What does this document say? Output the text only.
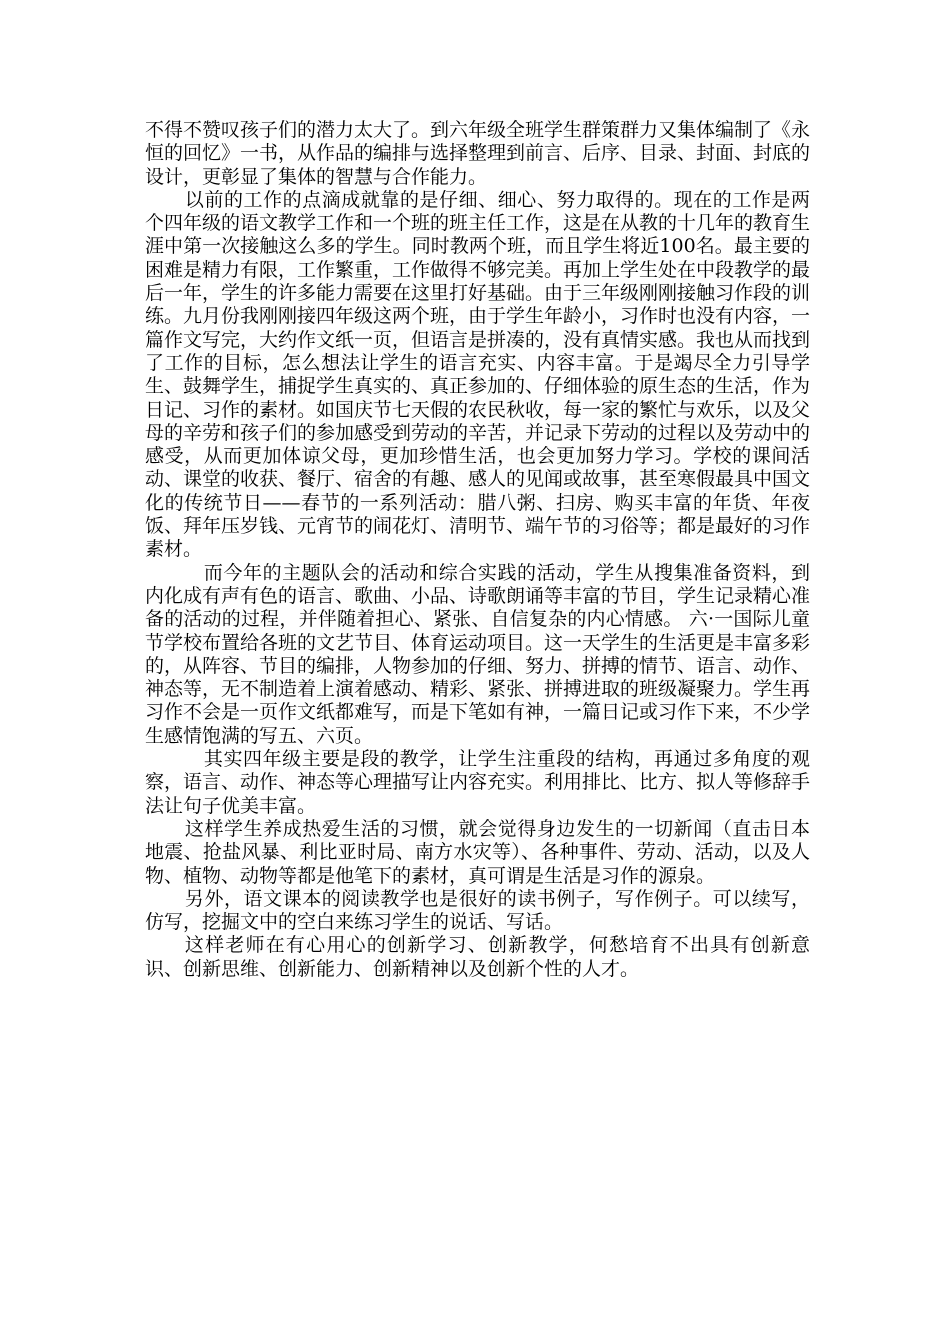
不得不赞叹孩子们的潜力太大了。到六年级全班学生群策群力又集体编制了《永恒的回忆》一书，从作品的编排与选择整理到前言、后序、目录、封面、封底的设计，更彰显了集体的智慧与合作能力。

以前的工作的点滴成就靠的是仔细、细心、努力取得的。现在的工作是两个四年级的语文教学工作和一个班的班主任工作，这是在从教的十几年的教育生涯中第一次接触这么多的学生。同时教两个班，而且学生将近100名。最主要的困难是精力有限，工作繁重，工作做得不够完美。再加上学生处在中段教学的最后一年，学生的许多能力需要在这里打好基础。由于三年级刚刚接触习作段的训练。九月份我刚刚接四年级这两个班，由于学生年龄小，习作时也没有内容，一篇作文写完，大约作文纸一页，但语言是拼凑的，没有真情实感。我也从而找到了工作的目标，怎么想法让学生的语言充实、内容丰富。于是竭尽全力引导学生、鼓舞学生，捕捉学生真实的、真正参加的、仔细体验的原生态的生活，作为日记、习作的素材。如国庆节七天假的农民秋收，每一家的繁忙与欢乐，以及父母的辛劳和孩子们的参加感受到劳动的辛苦，并记录下劳动的过程以及劳动中的感受，从而更加体谅父母，更加珍惜生活，也会更加努力学习。学校的课间活动、课堂的收获、餐厅、宿舍的有趣、感人的见闻或故事，甚至寒假最具中国文化的传统节日——春节的一系列活动：腊八粥、扫房、购买丰富的年货、年夜饭、拜年压岁钱、元宵节的闹花灯、清明节、端午节的习俗等；都是最好的习作素材。

而今年的主题队会的活动和综合实践的活动，学生从搜集准备资料，到内化成有声有色的语言、歌曲、小品、诗歌朗诵等丰富的节目，学生记录精心准备的活动的过程，并伴随着担心、紧张、自信复杂的内心情感。 六·一国际儿童节学校布置给各班的文艺节目、体育运动项目。这一天学生的生活更是丰富多彩的，从阵容、节目的编排，人物参加的仔细、努力、拼搏的情节、语言、动作、神态等，无不制造着上演着感动、精彩、紧张、拼搏进取的班级凝聚力。学生再习作不会是一页作文纸都难写，而是下笔如有神，一篇日记或习作下来，不少学生感情饱满的写五、六页。

其实四年级主要是段的教学，让学生注重段的结构，再通过多角度的观察，语言、动作、神态等心理描写让内容充实。利用排比、比方、拟人等修辞手法让句子优美丰富。

这样学生养成热爱生活的习惯，就会觉得身边发生的一切新闻（直击日本地震、抢盐风暴、利比亚时局、南方水灾等）、各种事件、劳动、活动，以及人物、植物、动物等都是他笔下的素材，真可谓是生活是习作的源泉。

另外，语文课本的阅读教学也是很好的读书例子，写作例子。可以续写，仿写，挖掘文中的空白来练习学生的说话、写话。

这样老师在有心用心的创新学习、创新教学，何愁培育不出具有创新意识、创新思维、创新能力、创新精神以及创新个性的人才。
